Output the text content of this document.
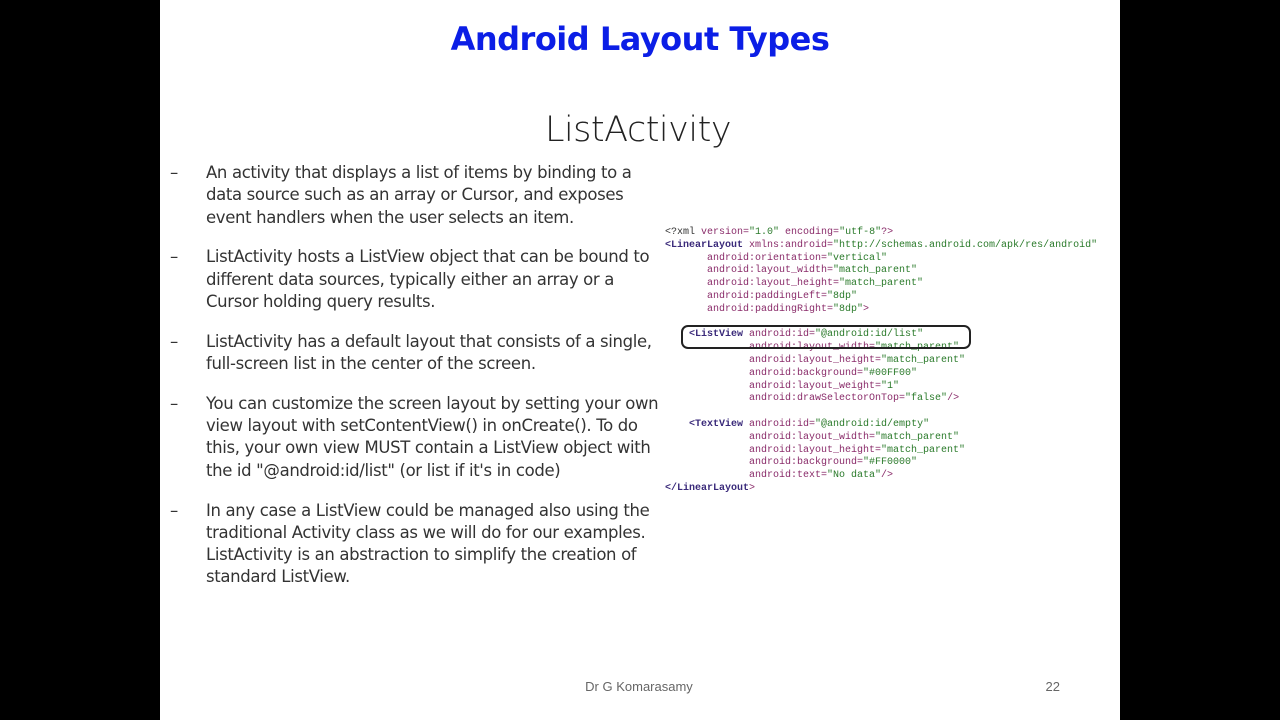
Android Layout Types
ListActivity
– An activity that displays a list of items by binding to a data source such as an array or Cursor, and exposes event handlers when the user selects an item.
– ListActivity hosts a ListView object that can be bound to different data sources, typically either an array or a Cursor holding query results.
– ListActivity has a default layout that consists of a single, full-screen list in the center of the screen.
– You can customize the screen layout by setting your own view layout with setContentView() in onCreate(). To do this, your own view MUST contain a ListView object with the id "@android:id/list" (or list if it's in code)
– In any case a ListView could be managed also using the traditional Activity class as we will do for our examples. ListActivity is an abstraction to simplify the creation of standard ListView.
<?xml version="1.0" encoding="utf-8"?>
<LinearLayout xmlns:android="http://schemas.android.com/apk/res/android"
android:orientation="vertical"
android:layout_width="match_parent"
android:layout_height="match_parent"
android:paddingLeft="8dp"
android:paddingRight="8dp">
<ListView android:id="@android:id/list"
android:layout_width="match_parent"
android:layout_height="match_parent"
android:background="#00FF00"
android:layout_weight="1"
android:drawSelectorOnTop="false"/>
<TextView android:id="@android:id/empty"
android:layout_width="match_parent"
android:layout_height="match_parent"
android:background="#FF0000"
android:text="No data"/>
</LinearLayout>
Dr G Komarasamy	22
